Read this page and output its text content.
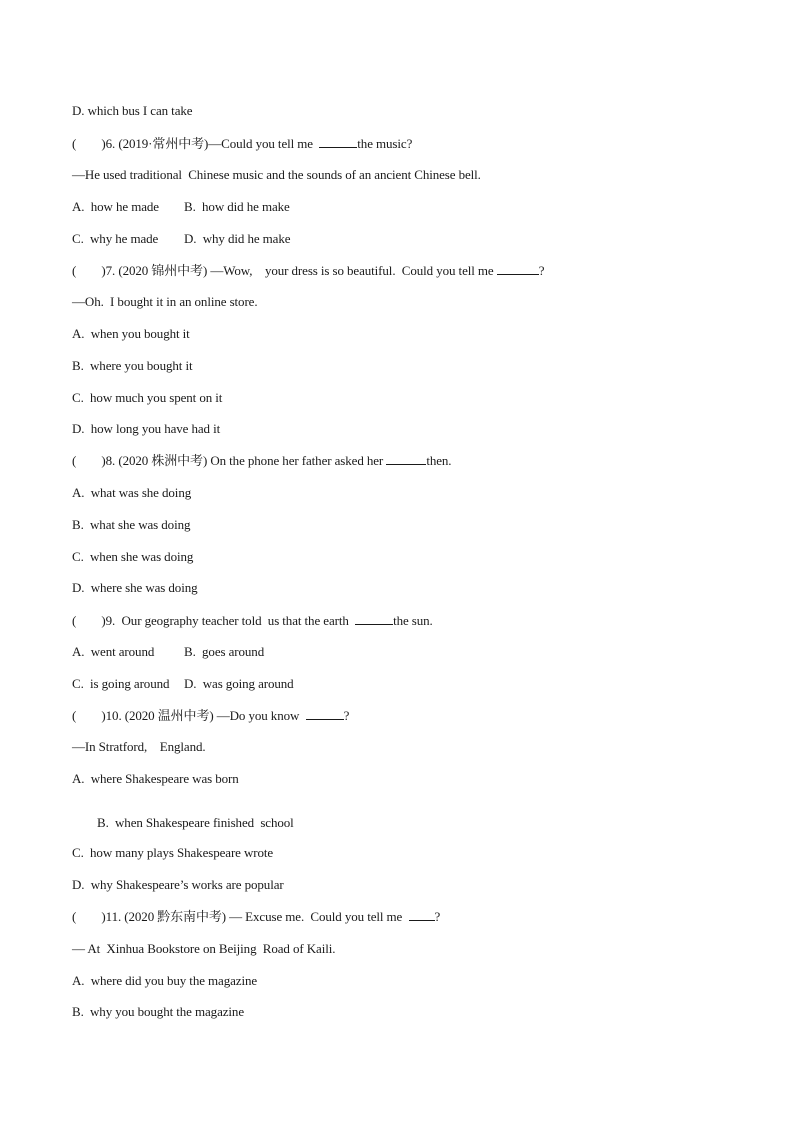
D. which bus I can take
(        )6. (2019·常州中考)—Could you tell me	the music?
—He used traditional  Chinese music and the sounds of an ancient Chinese bell.
A.  how he made B.  how did he make
C.  why he made D.  why did he make
(        )7. (2020 锦州中考) —Wow,    your dress is so beautiful.  Could you tell me	?
—Oh.  I bought it in an online store.
A.  when you bought it
B.  where you bought it
C.  how much you spent on it
D.  how long you have had it
(        )8. (2020 株洲中考) On the phone her father asked her	then.
A.  what was she doing
B.  what she was doing
C.  when she was doing
D.  where she was doing
(        )9.  Our geography teacher told  us that the earth	the sun.
A.  went around B.  goes around
C.  is going around D.  was going around
(        )10. (2020 温州中考) —Do you know	?
—In Stratford,    England.
A.  where Shakespeare was born
B.  when Shakespeare finished  school
C.  how many plays Shakespeare wrote
D.  why Shakespeare’s works are popular
(        )11. (2020 黔东南中考) — Excuse me.  Could you tell me  ?
— At  Xinhua Bookstore on Beijing  Road of Kaili.
A.  where did you buy the magazine
B.  why you bought the magazine
